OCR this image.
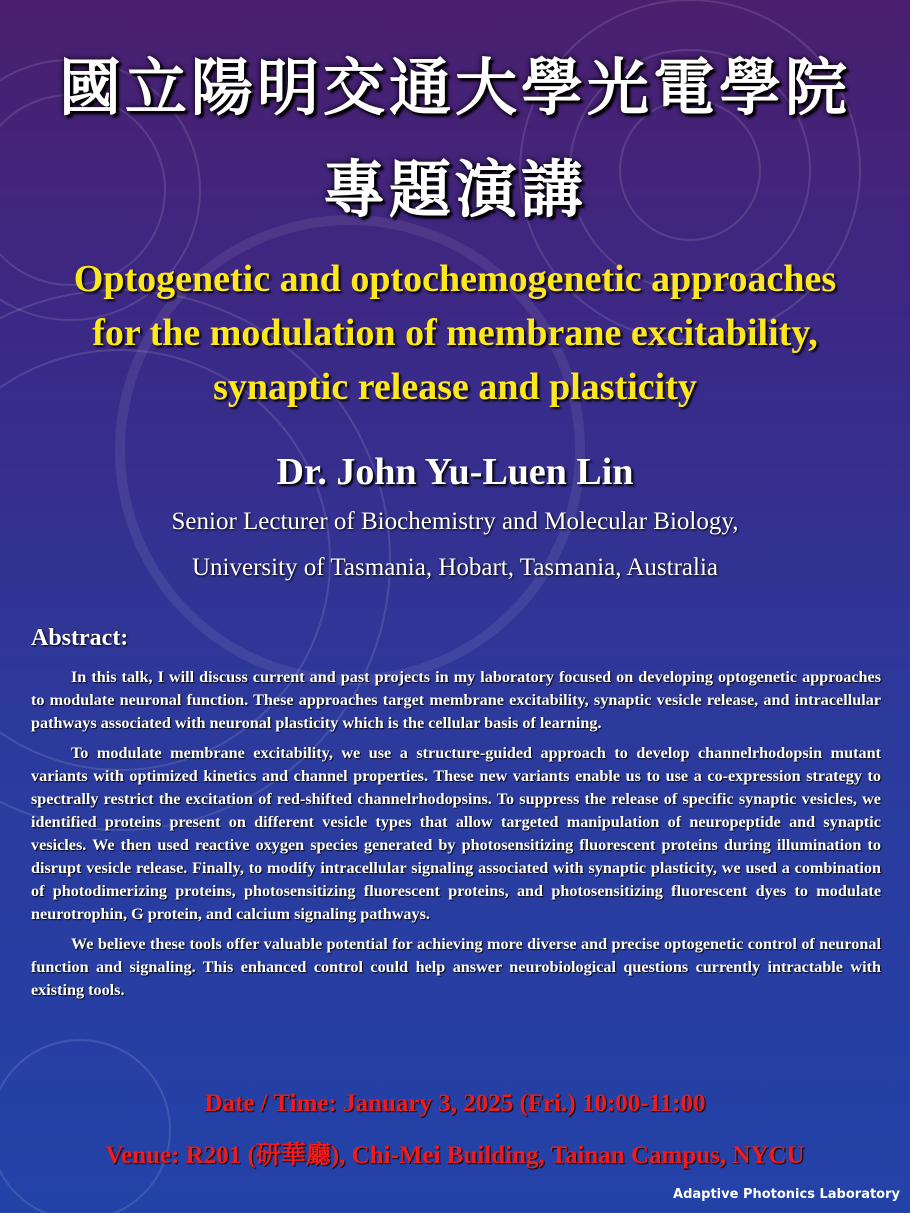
國立陽明交通大學光電學院
專題演講
Optogenetic and optochemogenetic approaches
for the modulation of membrane excitability,
synaptic release and plasticity
Dr. John Yu-Luen Lin
Senior Lecturer of Biochemistry and Molecular Biology,
University of Tasmania, Hobart, Tasmania, Australia
Abstract:

In this talk, I will discuss current and past projects in my laboratory focused on developing optogenetic approaches to modulate neuronal function. These approaches target membrane excitability, synaptic vesicle release, and intracellular pathways associated with neuronal plasticity which is the cellular basis of learning.

To modulate membrane excitability, we use a structure-guided approach to develop channelrhodopsin mutant variants with optimized kinetics and channel properties. These new variants enable us to use a co-expression strategy to spectrally restrict the excitation of red-shifted channelrhodopsins. To suppress the release of specific synaptic vesicles, we identified proteins present on different vesicle types that allow targeted manipulation of neuropeptide and synaptic vesicles. We then used reactive oxygen species generated by photosensitizing fluorescent proteins during illumination to disrupt vesicle release. Finally, to modify intracellular signaling associated with synaptic plasticity, we used a combination of photodimerizing proteins, photosensitizing fluorescent proteins, and photosensitizing fluorescent dyes to modulate neurotrophin, G protein, and calcium signaling pathways.

We believe these tools offer valuable potential for achieving more diverse and precise optogenetic control of neuronal function and signaling. This enhanced control could help answer neurobiological questions currently intractable with existing tools.

Date / Time: January 3, 2025 (Fri.) 10:00-11:00
Venue: R201 (研華廳), Chi-Mei Building, Tainan Campus, NYCU
Adaptive Photonics Laboratory
